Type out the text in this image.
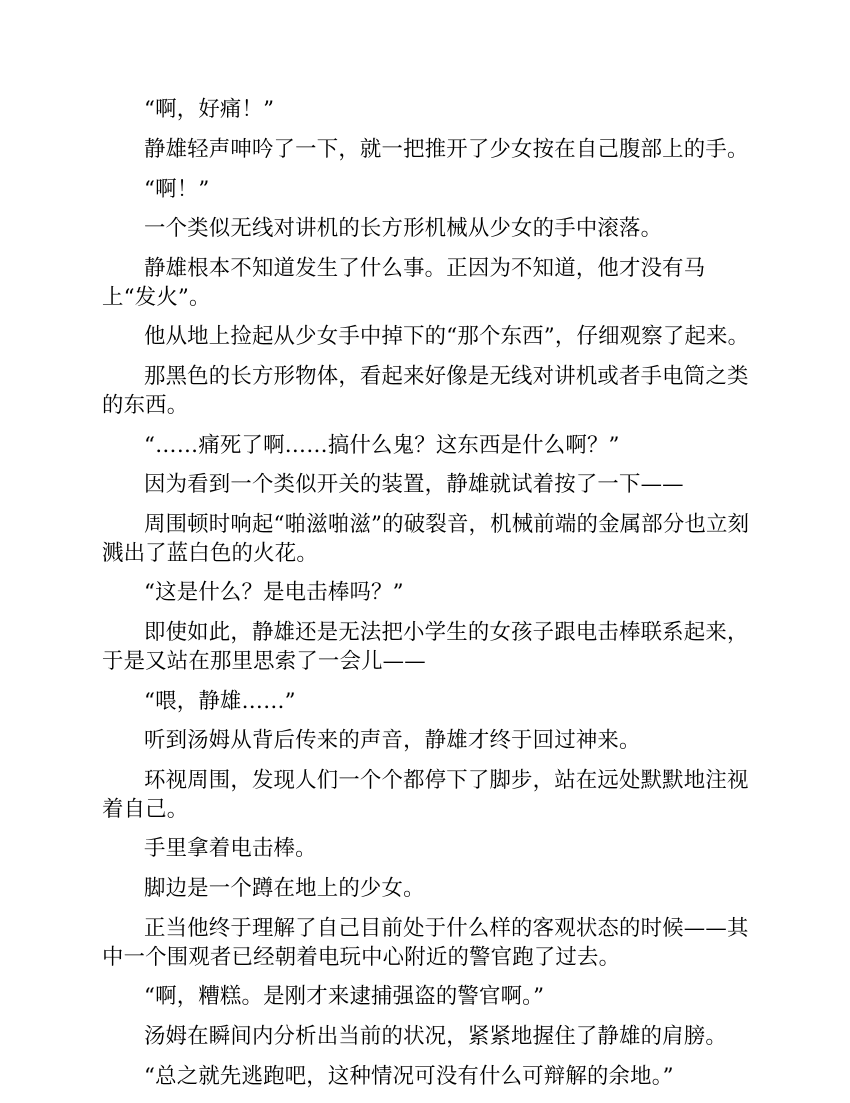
“啊，好痛！”

静雄轻声呻吟了一下，就一把推开了少女按在自己腹部上的手。

“啊！”

一个类似无线对讲机的长方形机械从少女的手中滚落。

静雄根本不知道发生了什么事。正因为不知道，他才没有马上“发火”。

他从地上捡起从少女手中掉下的“那个东西”，仔细观察了起来。

那黑色的长方形物体，看起来好像是无线对讲机或者手电筒之类的东西。

“……痛死了啊……搞什么鬼？这东西是什么啊？”

因为看到一个类似开关的装置，静雄就试着按了一下——

周围顿时响起“啪滋啪滋”的破裂音，机械前端的金属部分也立刻溅出了蓝白色的火花。

“这是什么？是电击棒吗？”

即使如此，静雄还是无法把小学生的女孩子跟电击棒联系起来，于是又站在那里思索了一会儿——

“喂，静雄……”

听到汤姆从背后传来的声音，静雄才终于回过神来。

环视周围，发现人们一个个都停下了脚步，站在远处默默地注视着自己。

手里拿着电击棒。

脚边是一个蹲在地上的少女。

正当他终于理解了自己目前处于什么样的客观状态的时候——其中一个围观者已经朝着电玩中心附近的警官跑了过去。

“啊，糟糕。是刚才来逮捕强盗的警官啊。”

汤姆在瞬间内分析出当前的状况，紧紧地握住了静雄的肩膀。

“总之就先逃跑吧，这种情况可没有什么可辩解的余地。”
